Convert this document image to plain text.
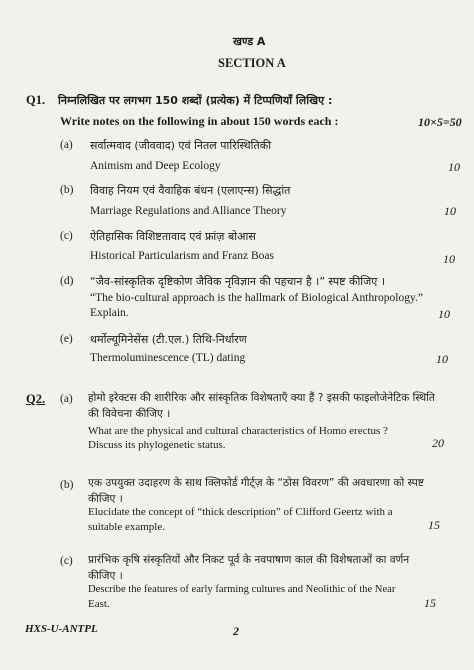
खण्ड A
SECTION A
Q1. निम्नलिखित पर लगभग 150 शब्दों (प्रत्येक) में टिप्पणियाँ लिखिए :
Write notes on the following in about 150 words each :	10×5=50
(a) सर्वात्मवाद (जीववाद) एवं नितल पारिस्थितिकी
Animism and Deep Ecology	10
(b) विवाह नियम एवं वैवाहिक बंधन (एलाएन्स) सिद्धांत
Marriage Regulations and Alliance Theory	10
(c) ऐतिहासिक विशिष्टतावाद एवं फ्रांज़ बोआस
Historical Particularism and Franz Boas	10
(d) “जैव-सांस्कृतिक दृष्टिकोण जैविक नृविज्ञान की पहचान है ।” स्पष्ट कीजिए ।
“The bio-cultural approach is the hallmark of Biological Anthropology.”
Explain.	10
(e) थर्मोल्यूमिनेसेंस (टी.एल.) तिथि-निर्धारण
Thermoluminescence (TL) dating	10
Q2. (a) होमो इरेक्टस की शारीरिक और सांस्कृतिक विशेषताएँ क्या हैं ? इसकी फाइलोजेनेटिक स्थिति
की विवेचना कीजिए ।
What are the physical and cultural characteristics of Homo erectus ?
Discuss its phylogenetic status.	20
(b) एक उपयुक्त उदाहरण के साथ क्लिफोर्ड गीर्ट्ज़ के “ठोस विवरण” की अवधारणा को स्पष्ट
कीजिए ।
Elucidate the concept of “thick description” of Clifford Geertz with a
suitable example.	15
(c) प्रारंभिक कृषि संस्कृतियों और निकट पूर्व के नवपाषाण काल की विशेषताओं का वर्णन
कीजिए ।
Describe the features of early farming cultures and Neolithic of the Near
East.	15
HXS-U-ANTPL	2
